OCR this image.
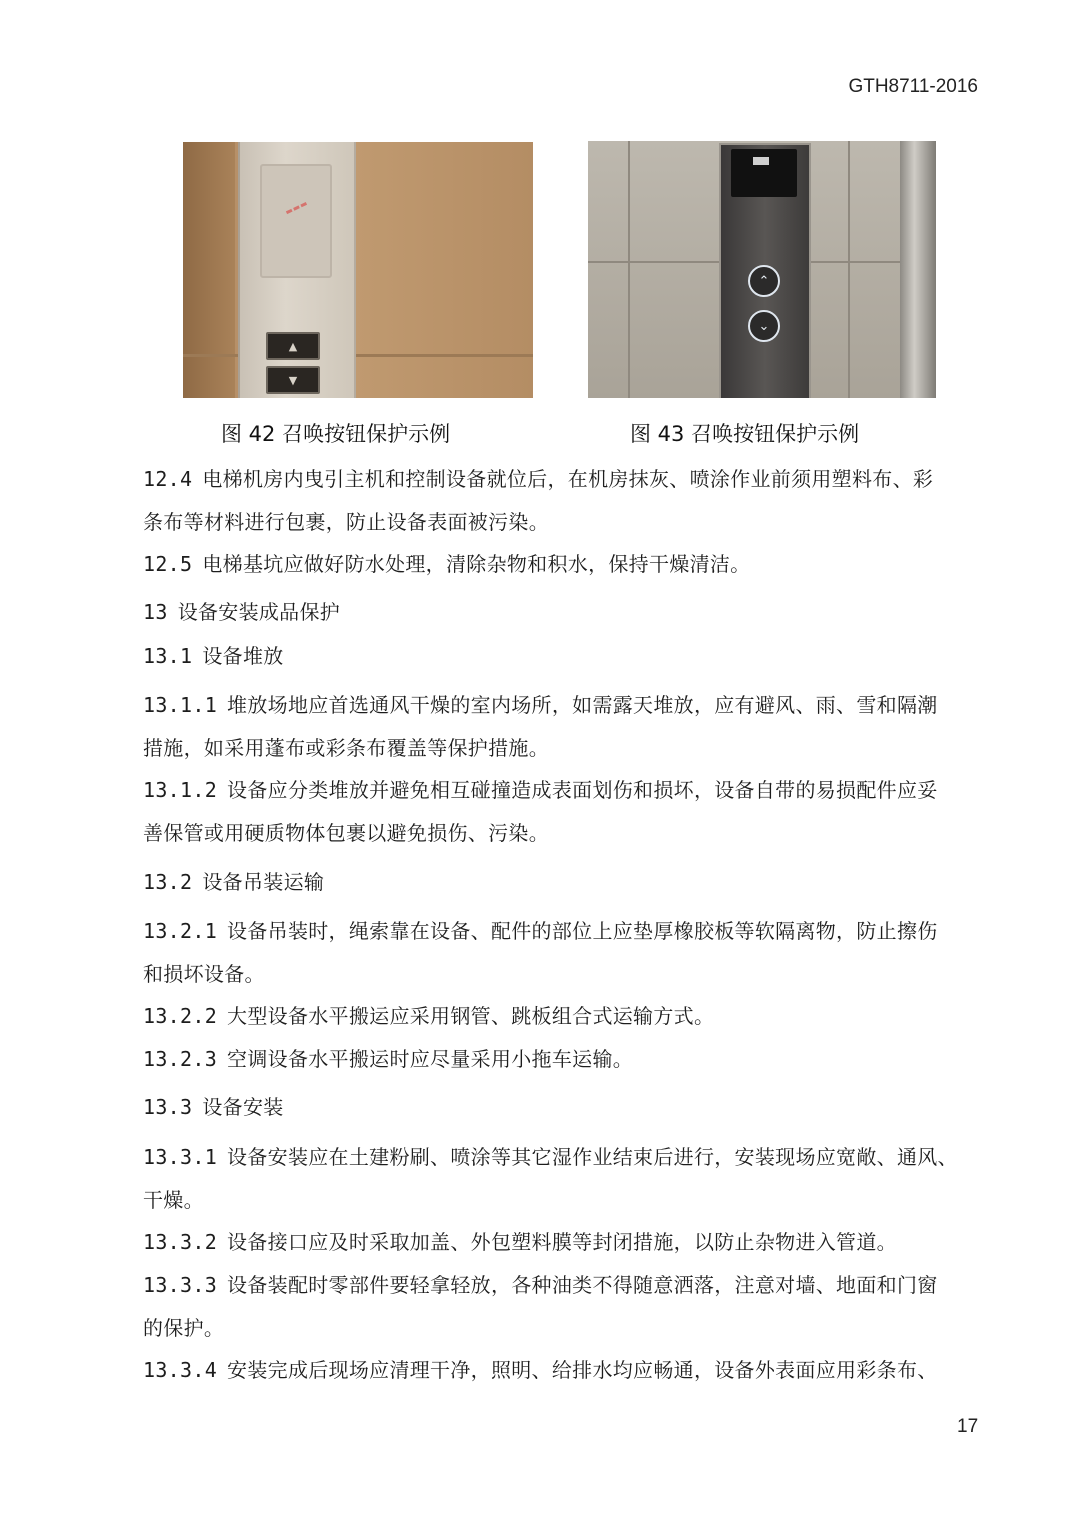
GTH8711-2016
▲
▼
图 42 召唤按钮保护示例
⌃
⌄
图 43 召唤按钮保护示例
12.4 电梯机房内曳引主机和控制设备就位后，在机房抹灰、喷涂作业前须用塑料布、彩
条布等材料进行包裹，防止设备表面被污染。
12.5 电梯基坑应做好防水处理，清除杂物和积水，保持干燥清洁。
13 设备安装成品保护
13.1 设备堆放
13.1.1 堆放场地应首选通风干燥的室内场所，如需露天堆放，应有避风、雨、雪和隔潮
措施，如采用蓬布或彩条布覆盖等保护措施。
13.1.2 设备应分类堆放并避免相互碰撞造成表面划伤和损坏，设备自带的易损配件应妥
善保管或用硬质物体包裹以避免损伤、污染。
13.2 设备吊装运输
13.2.1 设备吊装时，绳索靠在设备、配件的部位上应垫厚橡胶板等软隔离物，防止擦伤
和损坏设备。
13.2.2 大型设备水平搬运应采用钢管、跳板组合式运输方式。
13.2.3 空调设备水平搬运时应尽量采用小拖车运输。
13.3 设备安装
13.3.1 设备安装应在土建粉刷、喷涂等其它湿作业结束后进行，安装现场应宽敞、通风、
干燥。
13.3.2 设备接口应及时采取加盖、外包塑料膜等封闭措施，以防止杂物进入管道。
13.3.3 设备装配时零部件要轻拿轻放，各种油类不得随意洒落，注意对墙、地面和门窗
的保护。
13.3.4 安装完成后现场应清理干净，照明、给排水均应畅通，设备外表面应用彩条布、
17
